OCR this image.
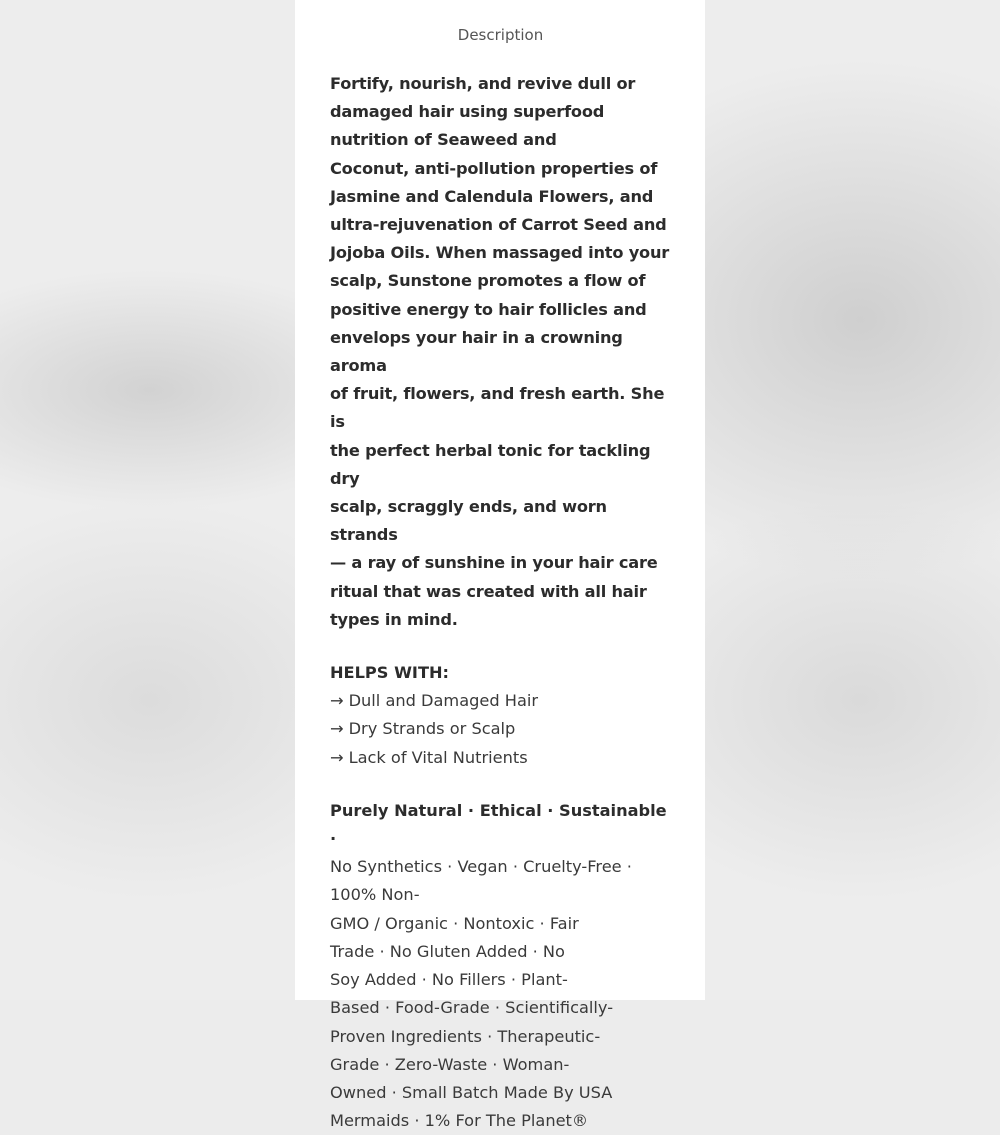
Description
Fortify, nourish, and revive dull or
damaged hair using superfood
nutrition of Seaweed and
Coconut, anti-pollution properties of
Jasmine and Calendula Flowers, and
ultra-rejuvenation of Carrot Seed and
Jojoba Oils. When massaged into your
scalp, Sunstone promotes a flow of
positive energy to hair follicles and
envelops your hair in a crowning aroma
of fruit, flowers, and fresh earth. She is
the perfect herbal tonic for tackling dry
scalp, scraggly ends, and worn strands
— a ray of sunshine in your hair care
ritual that was created with all hair
types in mind.
HELPS WITH:
→ Dull and Damaged Hair
→ Dry Strands or Scalp
→ Lack of Vital Nutrients
Purely Natural · Ethical · Sustainable ·
No Synthetics · Vegan · Cruelty-Free ·
100% Non-
GMO / Organic · Nontoxic · Fair
Trade · No Gluten Added · No
Soy Added · No Fillers · Plant-
Based · Food-Grade · Scientifically-
Proven Ingredients · Therapeutic-
Grade · Zero-Waste · Woman-
Owned · Small Batch Made By USA
Mermaids · 1% For The Planet®
